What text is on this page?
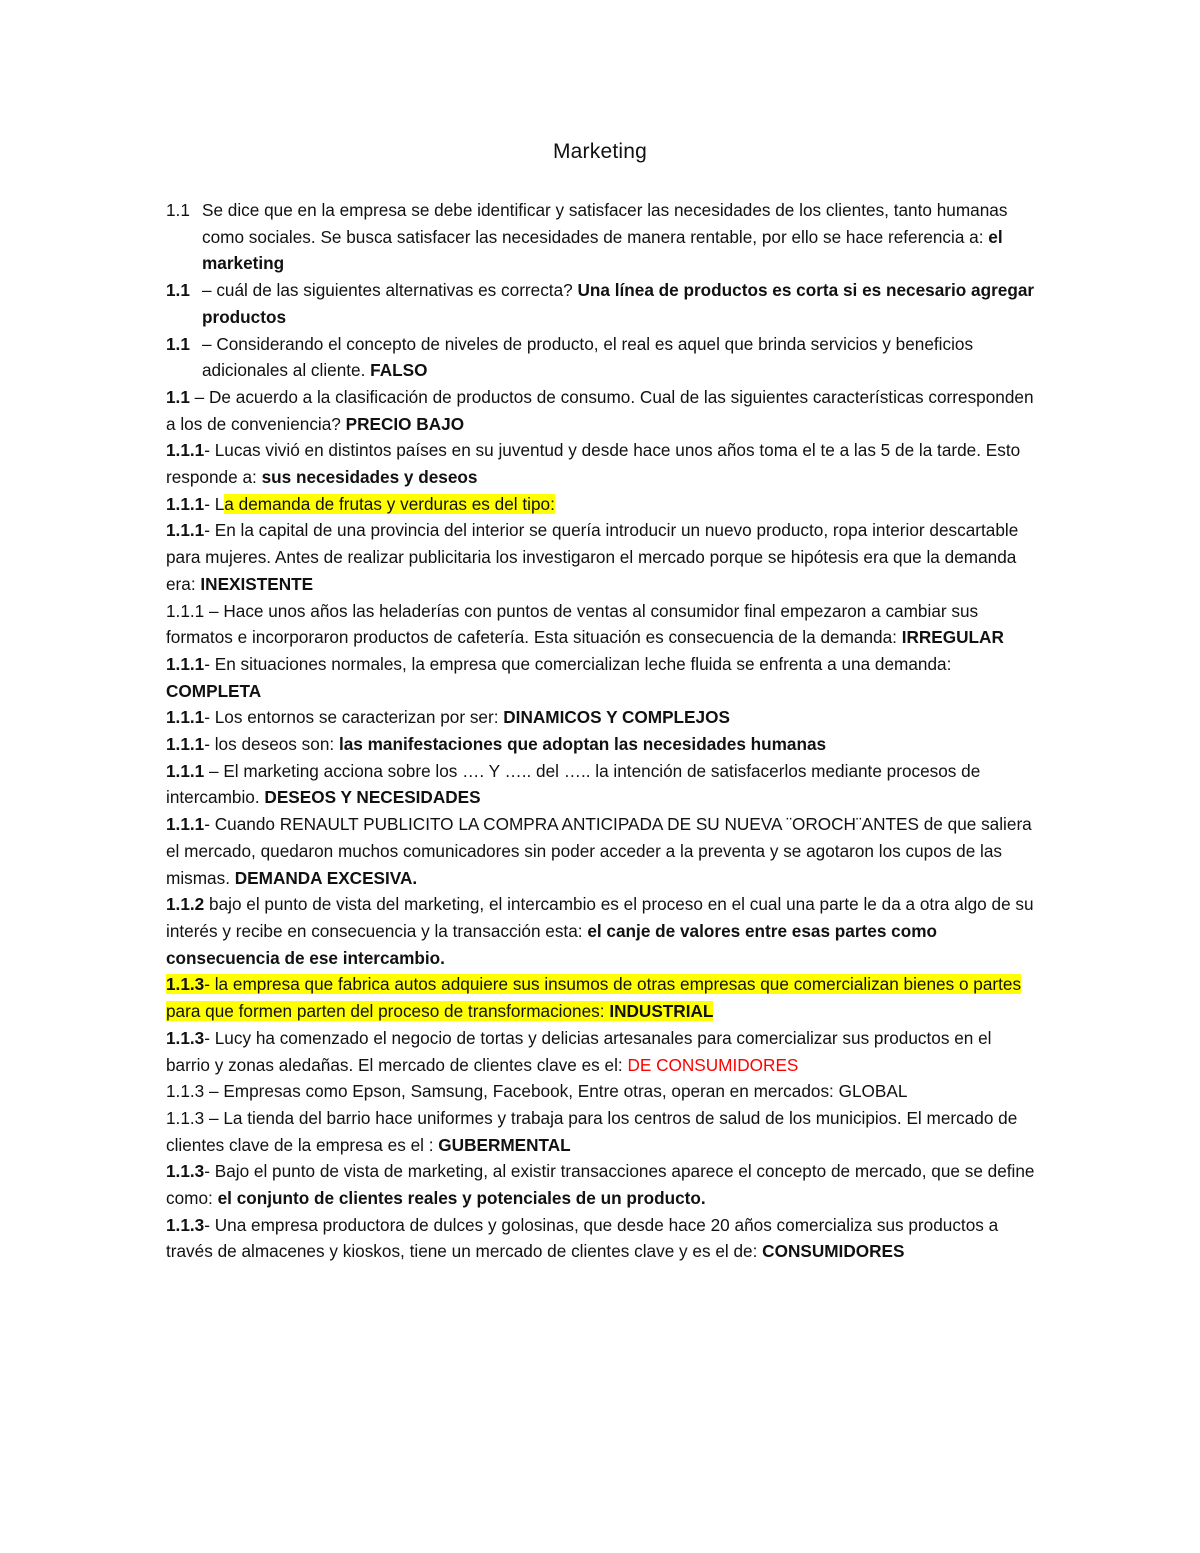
Marketing

1.1 Se dice que en la empresa se debe identificar y satisfacer las necesidades de los clientes, tanto humanas como sociales. Se busca satisfacer las necesidades de manera rentable, por ello se hace referencia a: el marketing

1.1 – cuál de las siguientes alternativas es correcta? Una línea de productos es corta si es necesario agregar productos

1.1 – Considerando el concepto de niveles de producto, el real es aquel que brinda servicios y beneficios adicionales al cliente. FALSO

1.1 – De acuerdo a la clasificación de productos de consumo. Cual de las siguientes características corresponden a los de conveniencia? PRECIO BAJO

1.1.1- Lucas vivió en distintos países en su juventud y desde hace unos años toma el te a las 5 de la tarde. Esto responde a: sus necesidades y deseos

1.1.1- La demanda de frutas y verduras es del tipo:

1.1.1- En la capital de una provincia del interior se quería introducir un nuevo producto, ropa interior descartable para mujeres. Antes de realizar publicitaria los investigaron el mercado porque se hipótesis era que la demanda era: INEXISTENTE

1.1.1 – Hace unos años las heladerías con puntos de ventas al consumidor final empezaron a cambiar sus formatos e incorporaron productos de cafetería. Esta situación es consecuencia de la demanda: IRREGULAR

1.1.1- En situaciones normales, la empresa que comercializan leche fluida se enfrenta a una demanda: COMPLETA

1.1.1- Los entornos se caracterizan por ser: DINAMICOS Y COMPLEJOS

1.1.1- los deseos son: las manifestaciones que adoptan las necesidades humanas

1.1.1 – El marketing acciona sobre los …. Y ….. del ….. la intención de satisfacerlos mediante procesos de intercambio. DESEOS Y NECESIDADES

1.1.1- Cuando RENAULT PUBLICITO LA COMPRA ANTICIPADA DE SU NUEVA ¨OROCH¨ANTES de que saliera el mercado, quedaron muchos comunicadores sin poder acceder a la preventa y se agotaron los cupos de las mismas. DEMANDA EXCESIVA.

1.1.2 bajo el punto de vista del marketing, el intercambio es el proceso en el cual una parte le da a otra algo de su interés y recibe en consecuencia y la transacción esta: el canje de valores entre esas partes como consecuencia de ese intercambio.

1.1.3- la empresa que fabrica autos adquiere sus insumos de otras empresas que comercializan bienes o partes para que formen parten del proceso de transformaciones: INDUSTRIAL

1.1.3- Lucy ha comenzado el negocio de tortas y delicias artesanales para comercializar sus productos en el barrio y zonas aledañas. El mercado de clientes clave es el: DE CONSUMIDORES

1.1.3 – Empresas como Epson, Samsung, Facebook, Entre otras, operan en mercados: GLOBAL

1.1.3 – La tienda del barrio hace uniformes y trabaja para los centros de salud de los municipios. El mercado de clientes clave de la empresa es el : GUBERMENTAL

1.1.3- Bajo el punto de vista de marketing, al existir transacciones aparece el concepto de mercado, que se define como: el conjunto de clientes reales y potenciales de un producto.

1.1.3- Una empresa productora de dulces y golosinas, que desde hace 20 años comercializa sus productos a través de almacenes y kioskos, tiene un mercado de clientes clave y es el de: CONSUMIDORES
